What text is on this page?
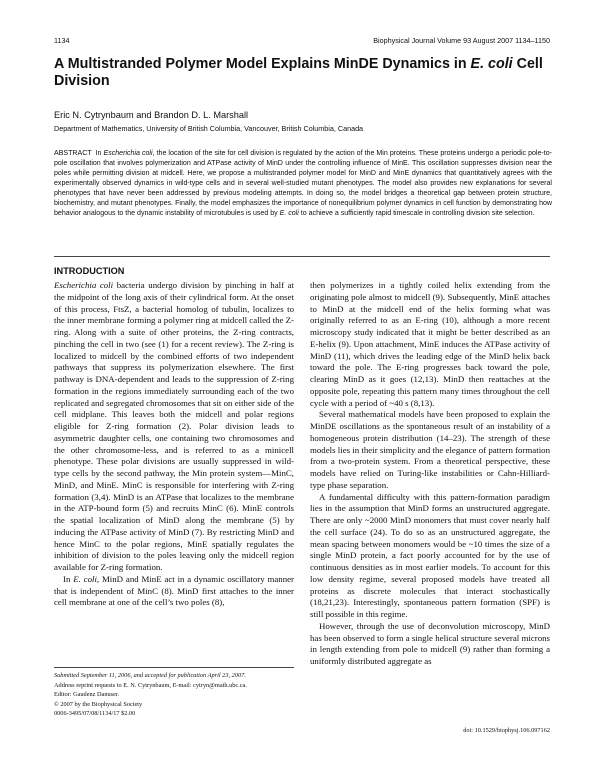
1134	Biophysical Journal Volume 93 August 2007 1134–1150
A Multistranded Polymer Model Explains MinDE Dynamics in E. coli Cell Division
Eric N. Cytrynbaum and Brandon D. L. Marshall
Department of Mathematics, University of British Columbia, Vancouver, British Columbia, Canada
ABSTRACT In Escherichia coli, the location of the site for cell division is regulated by the action of the Min proteins. These proteins undergo a periodic pole-to-pole oscillation that involves polymerization and ATPase activity of MinD under the controlling influence of MinE. This oscillation suppresses division near the poles while permitting division at midcell. Here, we propose a multistranded polymer model for MinD and MinE dynamics that quantitatively agrees with the experimentally observed dynamics in wild-type cells and in several well-studied mutant phenotypes. The model also provides new explanations for several phenotypes that have never been addressed by previous modeling attempts. In doing so, the model bridges a theoretical gap between protein structure, biochemistry, and mutant phenotypes. Finally, the model emphasizes the importance of nonequilibrium polymer dynamics in cell function by demonstrating how behavior analogous to the dynamic instability of microtubules is used by E. coli to achieve a sufficiently rapid timescale in controlling division site selection.
INTRODUCTION

Escherichia coli bacteria undergo division by pinching in half at the midpoint of the long axis of their cylindrical form. At the onset of this process, FtsZ, a bacterial homolog of tubulin, localizes to the inner membrane forming a polymer ring at midcell called the Z-ring. Along with a suite of other proteins, the Z-ring contracts, pinching the cell in two (see (1) for a recent review). The Z-ring is localized to midcell by the combined efforts of two independent pathways that suppress its polymerization elsewhere. The first pathway is DNA-dependent and leads to the suppression of Z-ring formation in the regions immediately surrounding each of the two replicated and segregated chromosomes that sit on either side of the cell midplane. This leaves both the midcell and polar regions eligible for Z-ring formation (2). Polar division leads to asymmetric daughter cells, one containing two chromosomes and the other chromosome-less, and is referred to as a minicell phenotype. These polar divisions are usually suppressed in wild-type cells by the second pathway, the Min protein system—MinC, MinD, and MinE. MinC is responsible for interfering with Z-ring formation (3,4). MinD is an ATPase that localizes to the membrane in the ATP-bound form (5) and recruits MinC (6). MinE controls the spatial localization of MinD along the membrane (5) by inducing the ATPase activity of MinD (7). By restricting MinD and hence MinC to the polar regions, MinE spatially regulates the inhibition of division to the poles leaving only the midcell region available for Z-ring formation.

In E. coli, MinD and MinE act in a dynamic oscillatory manner that is independent of MinC (8). MinD first attaches to the inner cell membrane at one of the cell’s two poles (8),

then polymerizes in a tightly coiled helix extending from the originating pole almost to midcell (9). Subsequently, MinE attaches to MinD at the midcell end of the helix forming what was originally referred to as an E-ring (10), although a more recent microscopy study indicated that it might be better described as an E-helix (9). Upon attachment, MinE induces the ATPase activity of MinD (11), which drives the leading edge of the MinD helix back toward the pole. The E-ring progresses back toward the pole, clearing MinD as it goes (12,13). MinD then reattaches at the opposite pole, repeating this pattern many times throughout the cell cycle with a period of ~40 s (8,13).

Several mathematical models have been proposed to explain the MinDE oscillations as the spontaneous result of an instability of a homogeneous protein distribution (14–23). The strength of these models lies in their simplicity and the elegance of pattern formation from a two-protein system. From a theoretical perspective, these models have relied on Turing-like instabilities or Cahn-Hilliard-type phase separation.

A fundamental difficulty with this pattern-formation paradigm lies in the assumption that MinD forms an unstructured aggregate. There are only ~2000 MinD monomers that must cover nearly half the cell surface (24). To do so as an unstructured aggregate, the mean spacing between monomers would be ~10 times the size of a single MinD protein, a fact poorly accounted for by the use of continuous densities as in most earlier models. To account for this low density regime, several proposed models have treated all proteins as discrete molecules that interact stochastically (18,21,23). Interestingly, spontaneous pattern formation (SPF) is still possible in this regime.

However, through the use of deconvolution microscopy, MinD has been observed to form a single helical structure several microns in length extending from pole to midcell (9) rather than forming a uniformly distributed aggregate as

Submitted September 11, 2006, and accepted for publication April 23, 2007.
Address reprint requests to E. N. Cytrynbaum, E-mail: cytryn@math.ubc.ca.
Editor: Gaudenz Danuser.
© 2007 by the Biophysical Society
0006-3495/07/08/1134/17 $2.00
doi: 10.1529/biophysj.106.097162
